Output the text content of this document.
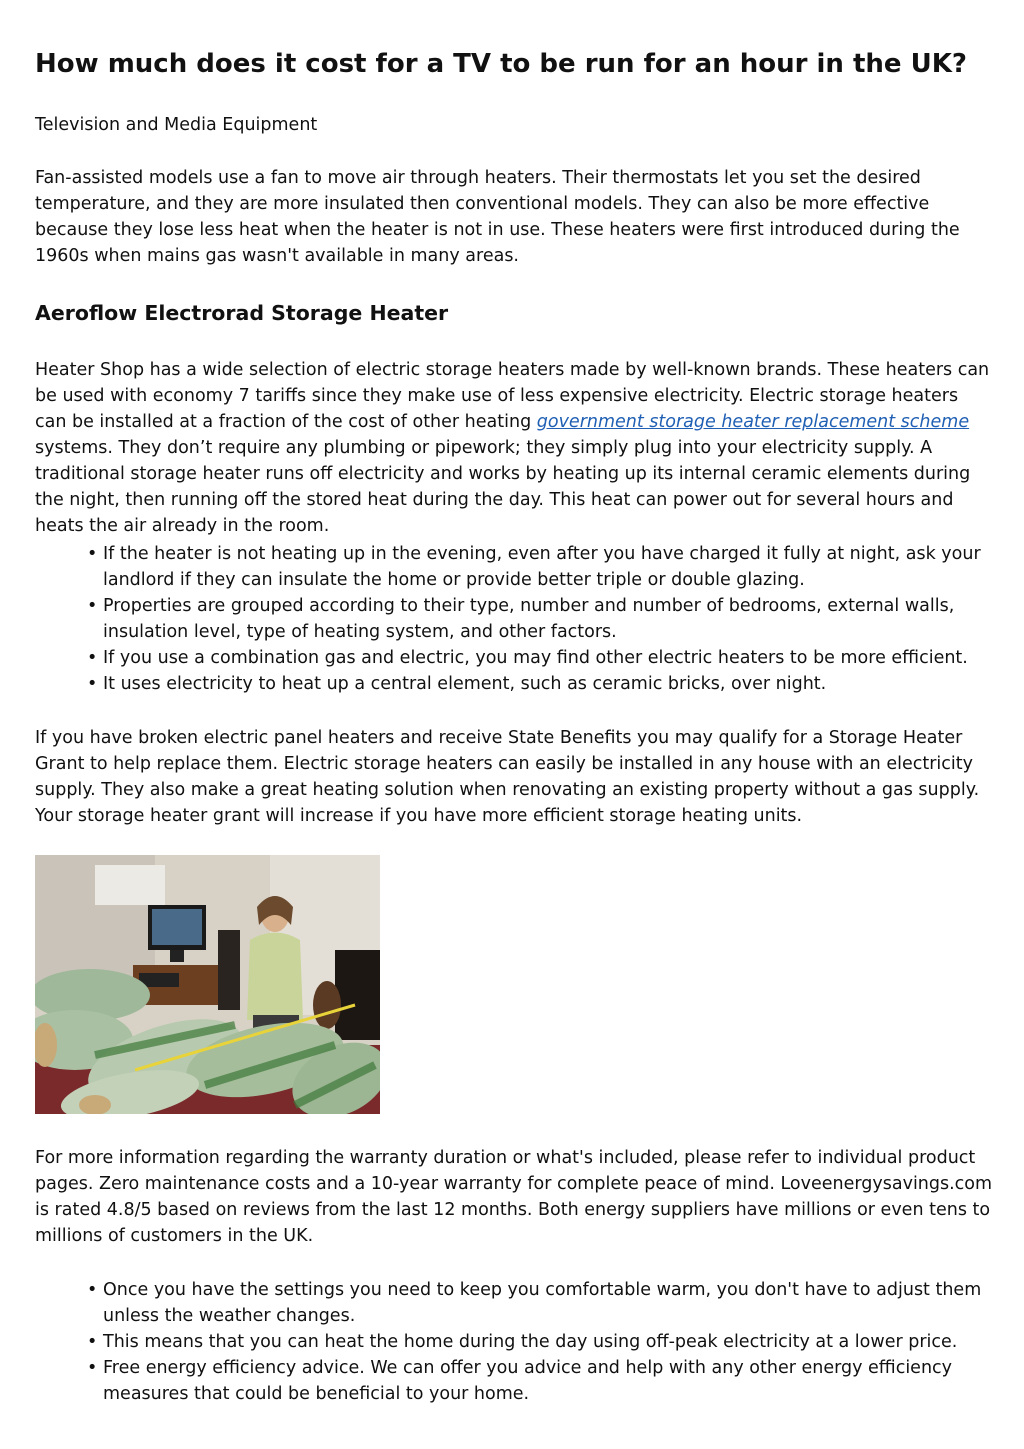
How much does it cost for a TV to be run for an hour in the UK?

Television and Media Equipment

Fan-assisted models use a fan to move air through heaters. Their thermostats let you set the desired temperature, and they are more insulated then conventional models. They can also be more effective because they lose less heat when the heater is not in use. These heaters were first introduced during the 1960s when mains gas wasn't available in many areas.

Aeroflow Electrorad Storage Heater

Heater Shop has a wide selection of electric storage heaters made by well-known brands. These heaters can be used with economy 7 tariffs since they make use of less expensive electricity. Electric storage heaters can be installed at a fraction of the cost of other heating government storage heater replacement scheme systems. They don’t require any plumbing or pipework; they simply plug into your electricity supply. A traditional storage heater runs off electricity and works by heating up its internal ceramic elements during the night, then running off the stored heat during the day. This heat can power out for several hours and heats the air already in the room.

• If the heater is not heating up in the evening, even after you have charged it fully at night, ask your landlord if they can insulate the home or provide better triple or double glazing.
• Properties are grouped according to their type, number and number of bedrooms, external walls, insulation level, type of heating system, and other factors.
• If you use a combination gas and electric, you may find other electric heaters to be more efficient.
• It uses electricity to heat up a central element, such as ceramic bricks, over night.

If you have broken electric panel heaters and receive State Benefits you may qualify for a Storage Heater Grant to help replace them. Electric storage heaters can easily be installed in any house with an electricity supply. They also make a great heating solution when renovating an existing property without a gas supply. Your storage heater grant will increase if you have more efficient storage heating units.

For more information regarding the warranty duration or what's included, please refer to individual product pages. Zero maintenance costs and a 10-year warranty for complete peace of mind. Loveenergysavings.com is rated 4.8/5 based on reviews from the last 12 months. Both energy suppliers have millions or even tens to millions of customers in the UK.

• Once you have the settings you need to keep you comfortable warm, you don't have to adjust them unless the weather changes.
• This means that you can heat the home during the day using off-peak electricity at a lower price.
• Free energy efficiency advice. We can offer you advice and help with any other energy efficiency measures that could be beneficial to your home.
